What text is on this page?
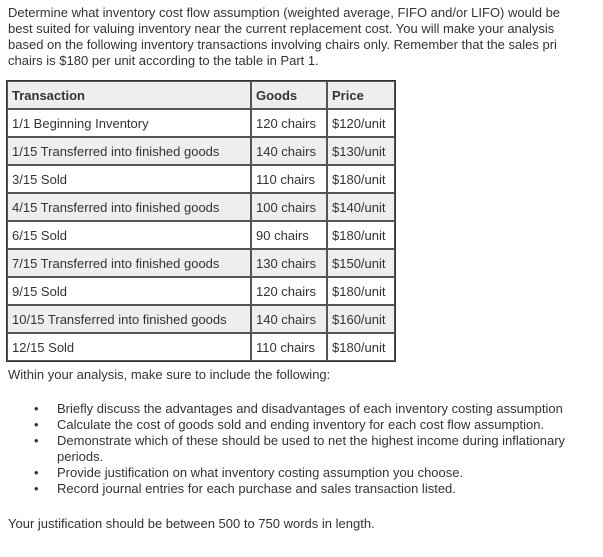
Determine what inventory cost flow assumption (weighted average, FIFO and/or LIFO) would be
best suited for valuing inventory near the current replacement cost. You will make your analysis
based on the following inventory transactions involving chairs only. Remember that the sales pri
chairs is $180 per unit according to the table in Part 1.
Transaction	Goods	Price
1/1 Beginning Inventory	120 chairs	$120/unit
1/15 Transferred into finished goods	140 chairs	$130/unit
3/15 Sold	110 chairs	$180/unit
4/15 Transferred into finished goods	100 chairs	$140/unit
6/15 Sold	90 chairs	$180/unit
7/15 Transferred into finished goods	130 chairs	$150/unit
9/15 Sold	120 chairs	$180/unit
10/15 Transferred into finished goods	140 chairs	$160/unit
12/15 Sold	110 chairs	$180/unit
Within your analysis, make sure to include the following:
• Briefly discuss the advantages and disadvantages of each inventory costing assumption
• Calculate the cost of goods sold and ending inventory for each cost flow assumption.
• Demonstrate which of these should be used to net the highest income during inflationary
periods.
• Provide justification on what inventory costing assumption you choose.
• Record journal entries for each purchase and sales transaction listed.
Your justification should be between 500 to 750 words in length.
